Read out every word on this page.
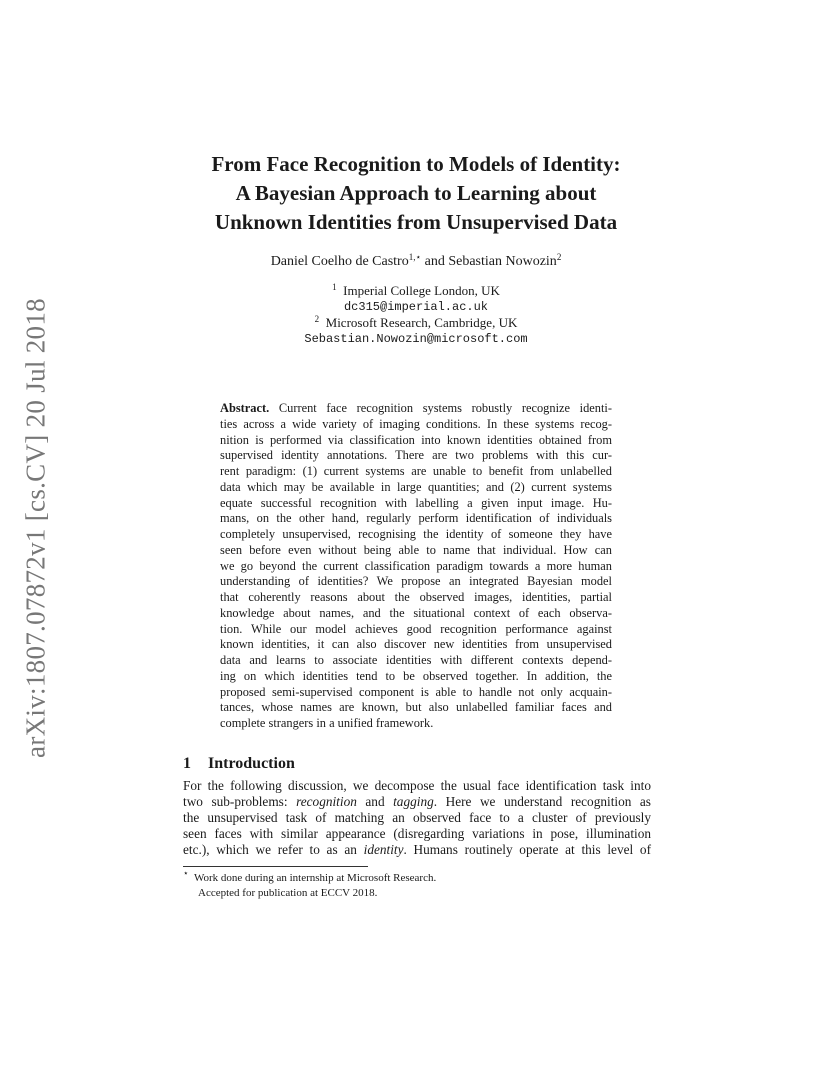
arXiv:1807.07872v1 [cs.CV] 20 Jul 2018
From Face Recognition to Models of Identity:
A Bayesian Approach to Learning about
Unknown Identities from Unsupervised Data
Daniel Coelho de Castro$^{1,⋆}$ and Sebastian Nowozin$^2$
$^1$ Imperial College London, UK
dc315@imperial.ac.uk
$^2$ Microsoft Research, Cambridge, UK
Sebastian.Nowozin@microsoft.com
Abstract. Current face recognition systems robustly recognize identi-
ties across a wide variety of imaging conditions. In these systems recog-
nition is performed via classification into known identities obtained from
supervised identity annotations. There are two problems with this cur-
rent paradigm: (1) current systems are unable to benefit from unlabelled
data which may be available in large quantities; and (2) current systems
equate successful recognition with labelling a given input image. Hu-
mans, on the other hand, regularly perform identification of individuals
completely unsupervised, recognising the identity of someone they have
seen before even without being able to name that individual. How can
we go beyond the current classification paradigm towards a more human
understanding of identities? We propose an integrated Bayesian model
that coherently reasons about the observed images, identities, partial
knowledge about names, and the situational context of each observa-
tion. While our model achieves good recognition performance against
known identities, it can also discover new identities from unsupervised
data and learns to associate identities with different contexts depend-
ing on which identities tend to be observed together. In addition, the
proposed semi-supervised component is able to handle not only acquain-
tances, whose names are known, but also unlabelled familiar faces and
complete strangers in a unified framework.
1 Introduction
For the following discussion, we decompose the usual face identification task into
two sub-problems: recognition and tagging. Here we understand recognition as
the unsupervised task of matching an observed face to a cluster of previously
seen faces with similar appearance (disregarding variations in pose, illumination
etc.), which we refer to as an identity. Humans routinely operate at this level of
⋆ Work done during an internship at Microsoft Research.
Accepted for publication at ECCV 2018.
